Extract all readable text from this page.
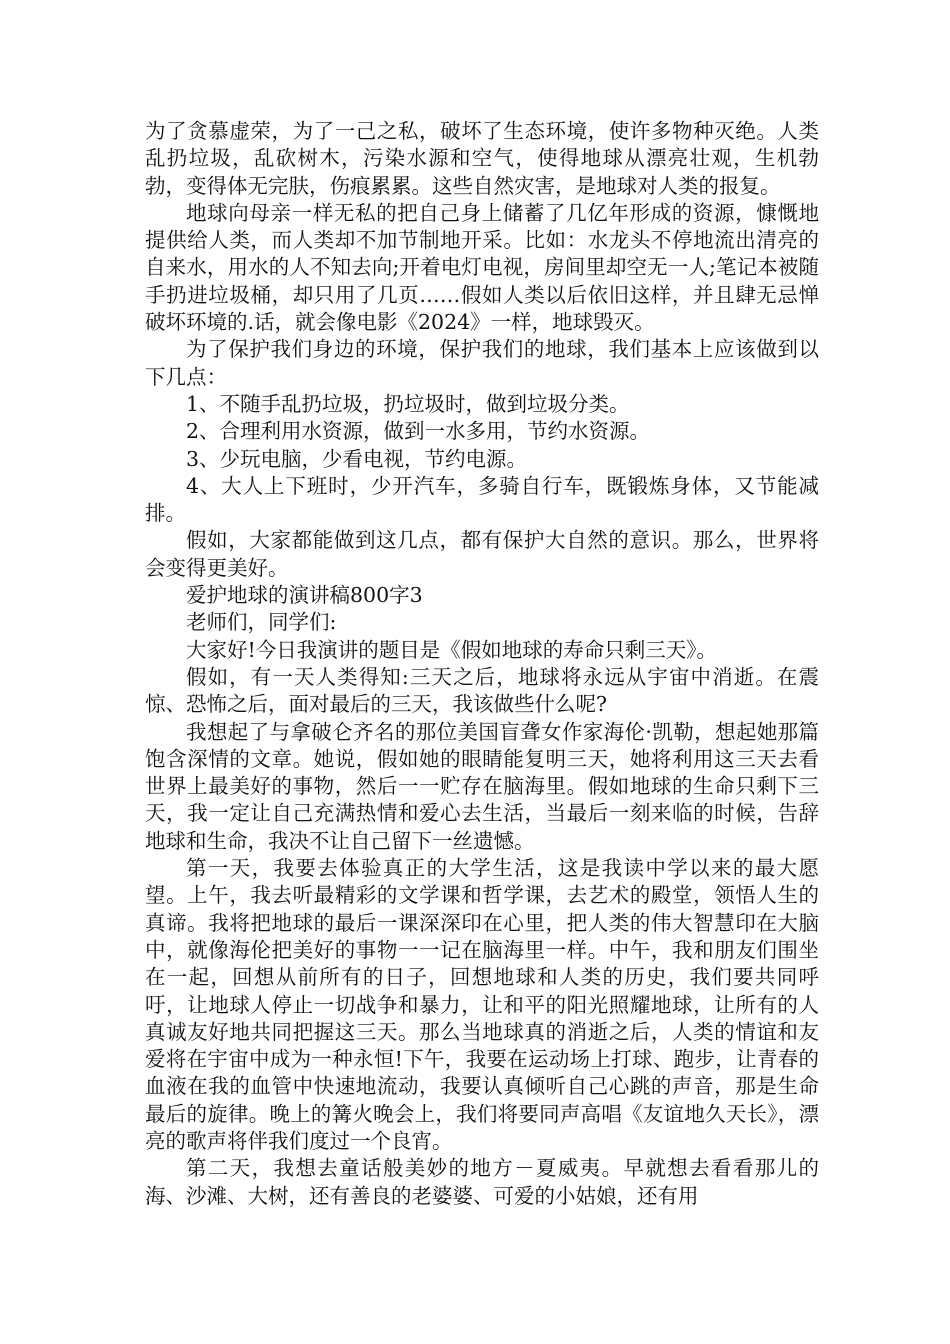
为了贪慕虚荣，为了一己之私，破坏了生态环境，使许多物种灭绝。人类乱扔垃圾，乱砍树木，污染水源和空气，使得地球从漂亮壮观，生机勃勃，变得体无完肤，伤痕累累。这些自然灾害，是地球对人类的报复。

地球向母亲一样无私的把自己身上储蓄了几亿年形成的资源，慷慨地提供给人类，而人类却不加节制地开采。比如：水龙头不停地流出清亮的自来水，用水的人不知去向;开着电灯电视，房间里却空无一人;笔记本被随手扔进垃圾桶，却只用了几页……假如人类以后依旧这样，并且肆无忌惮破坏环境的.话，就会像电影《2024》一样，地球毁灭。

为了保护我们身边的环境，保护我们的地球，我们基本上应该做到以下几点：

1、不随手乱扔垃圾，扔垃圾时，做到垃圾分类。

2、合理利用水资源，做到一水多用，节约水资源。

3、少玩电脑，少看电视，节约电源。

4、大人上下班时，少开汽车，多骑自行车，既锻炼身体，又节能减排。

假如，大家都能做到这几点，都有保护大自然的意识。那么，世界将会变得更美好。

爱护地球的演讲稿800字3

老师们，同学们:

大家好!今日我演讲的题目是《假如地球的寿命只剩三天》。

假如，有一天人类得知:三天之后，地球将永远从宇宙中消逝。在震惊、恐怖之后，面对最后的三天，我该做些什么呢?

我想起了与拿破仑齐名的那位美国盲聋女作家海伦·凯勒，想起她那篇饱含深情的文章。她说，假如她的眼睛能复明三天，她将利用这三天去看世界上最美好的事物，然后一一贮存在脑海里。假如地球的生命只剩下三天，我一定让自己充满热情和爱心去生活，当最后一刻来临的时候，告辞地球和生命，我决不让自己留下一丝遗憾。

第一天，我要去体验真正的大学生活，这是我读中学以来的最大愿望。上午，我去听最精彩的文学课和哲学课，去艺术的殿堂，领悟人生的真谛。我将把地球的最后一课深深印在心里，把人类的伟大智慧印在大脑中，就像海伦把美好的事物一一记在脑海里一样。中午，我和朋友们围坐在一起，回想从前所有的日子，回想地球和人类的历史，我们要共同呼吁，让地球人停止一切战争和暴力，让和平的阳光照耀地球，让所有的人真诚友好地共同把握这三天。那么当地球真的消逝之后，人类的情谊和友爱将在宇宙中成为一种永恒!下午，我要在运动场上打球、跑步，让青春的血液在我的血管中快速地流动，我要认真倾听自己心跳的声音，那是生命最后的旋律。晚上的篝火晚会上，我们将要同声高唱《友谊地久天长》，漂亮的歌声将伴我们度过一个良宵。

第二天，我想去童话般美妙的地方－夏威夷。早就想去看看那儿的海、沙滩、大树，还有善良的老婆婆、可爱的小姑娘，还有用
